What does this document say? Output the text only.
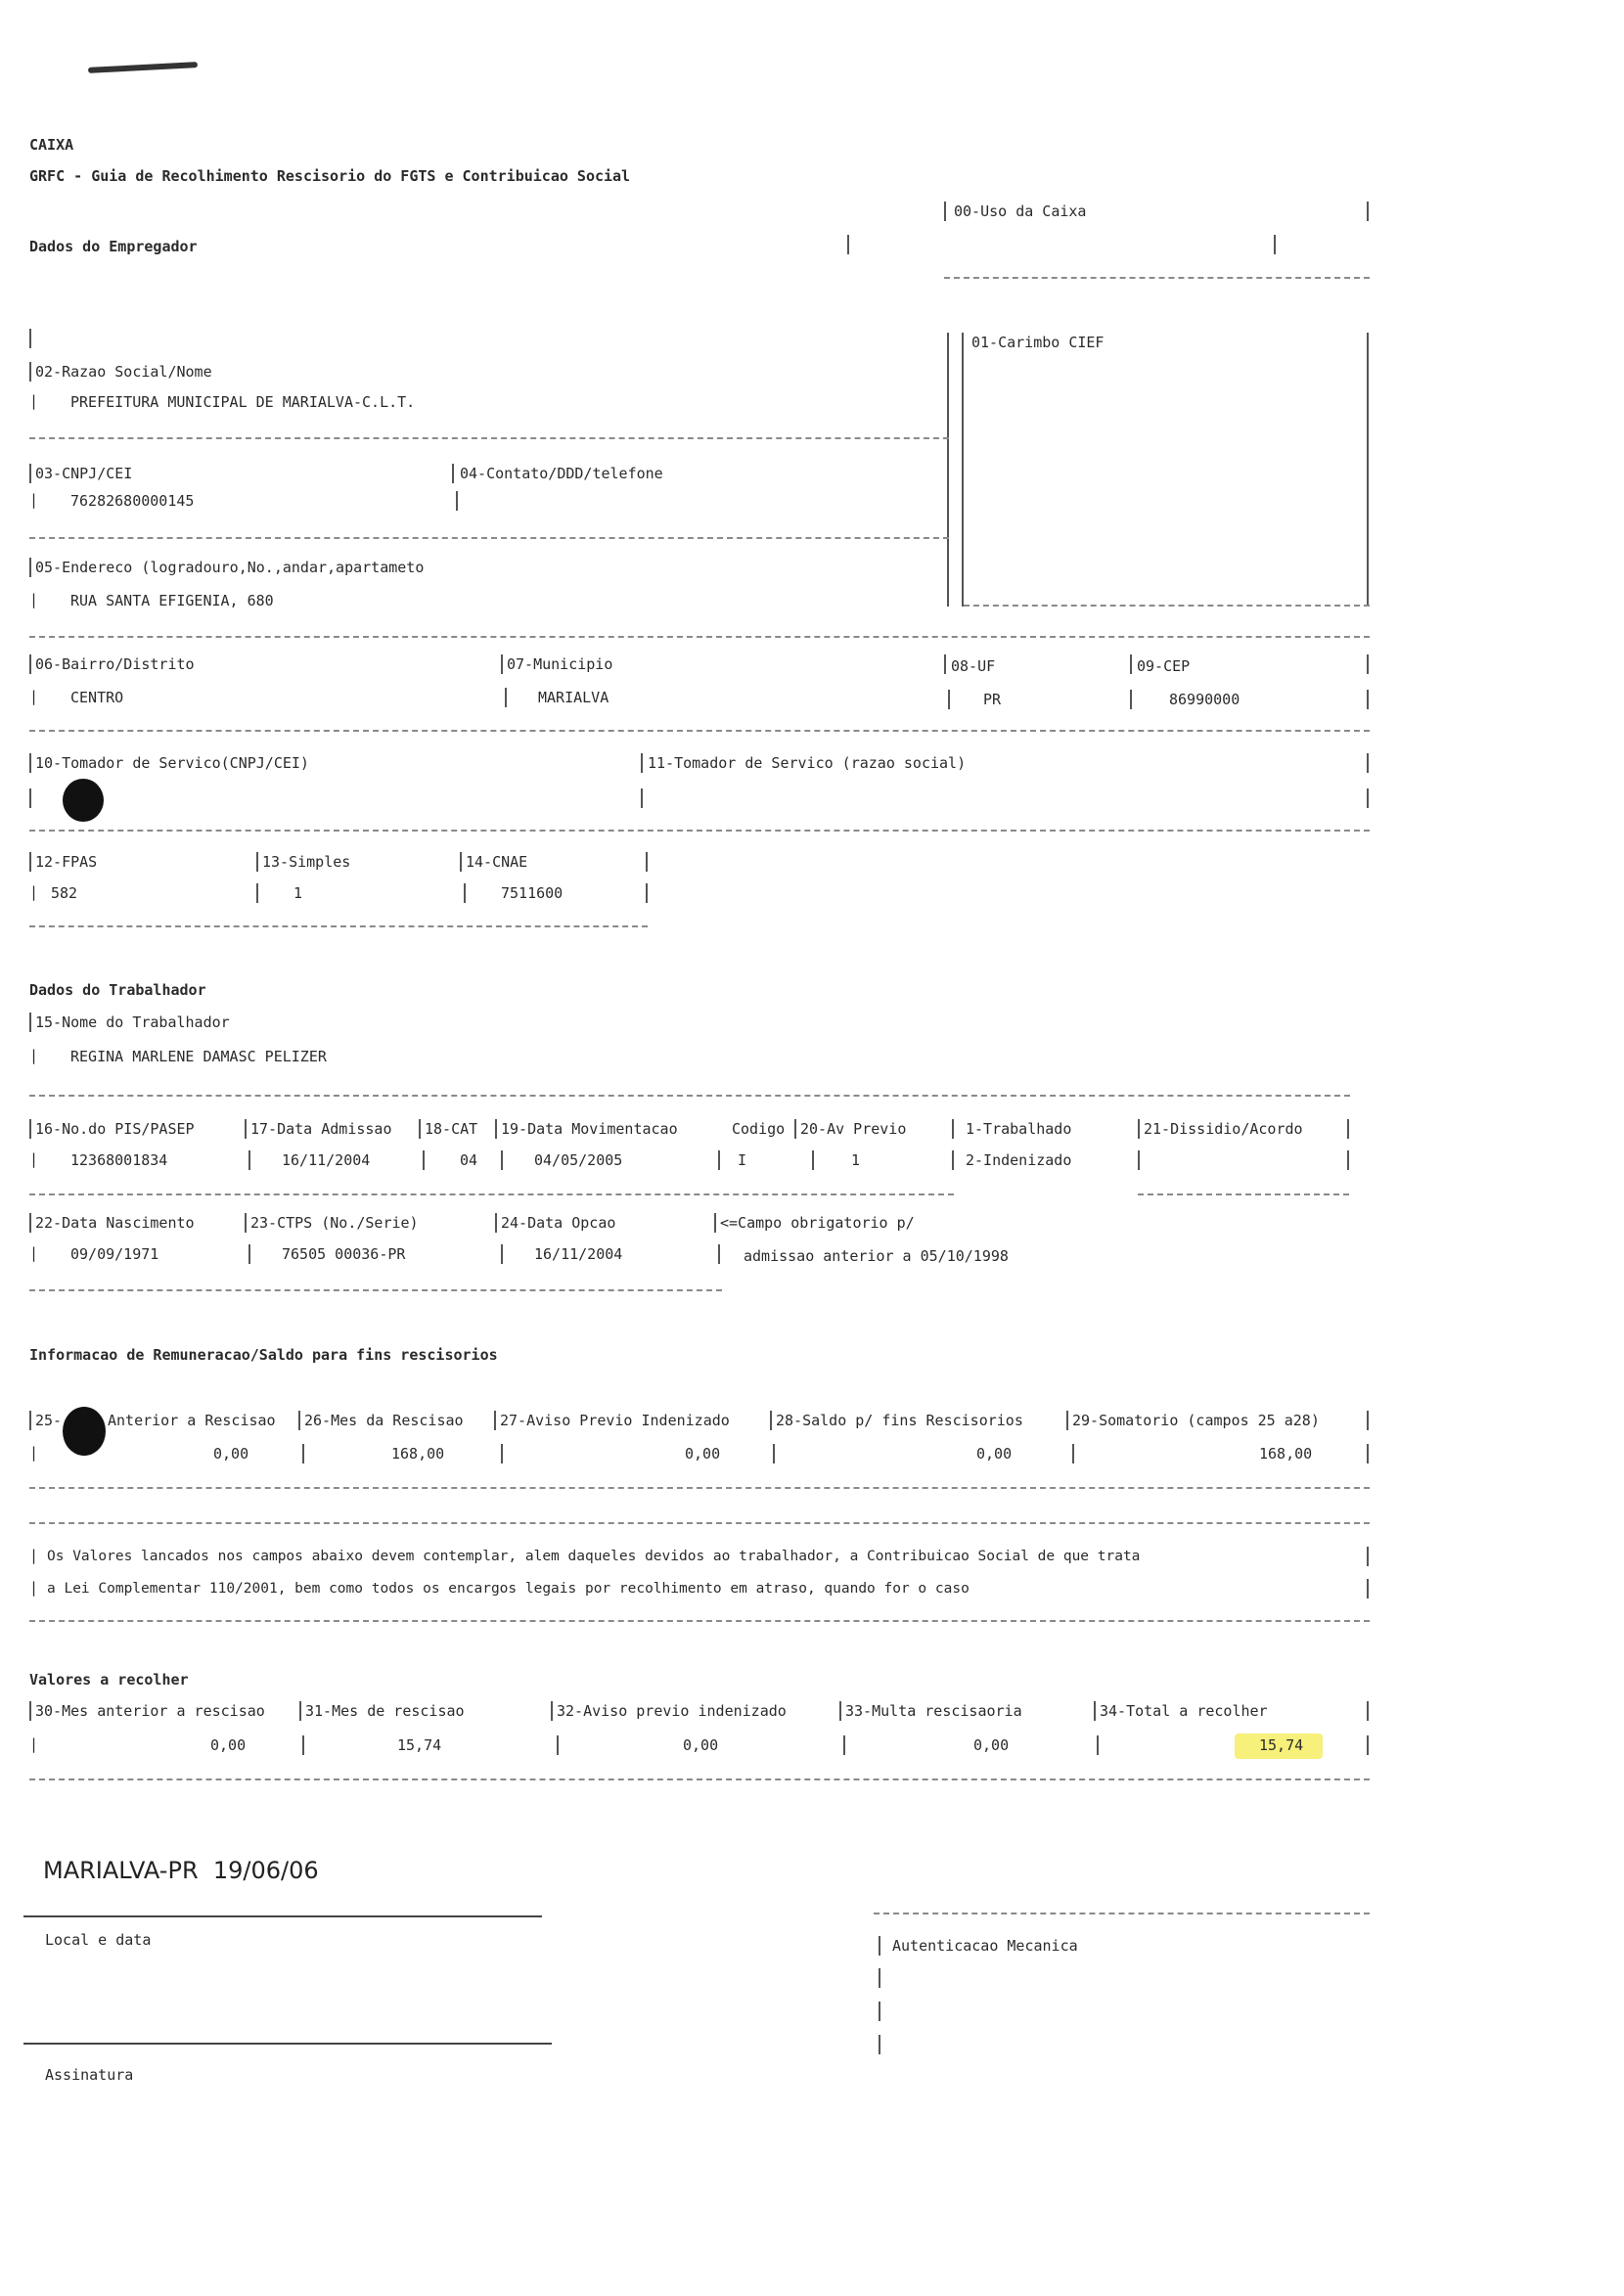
CAIXA
GRFC - Guia de Recolhimento Rescisorio do FGTS e Contribuicao Social
Dados do Empregador
00-Uso da Caixa
01-Carimbo CIEF
02-Razao Social/Nome
| PREFEITURA MUNICIPAL DE MARIALVA-C.L.T.
03-CNPJ/CEI	04-Contato/DDD/telefone
| 76282680000145
05-Endereco (logradouro,No.,andar,apartameto
| RUA SANTA EFIGENIA, 680
06-Bairro/Distrito	07-Municipio	08-UF	09-CEP
| CENTRO	MARIALVA	PR	86990000
10-Tomador de Servico(CNPJ/CEI)	11-Tomador de Servico (razao social)
12-FPAS	13-Simples	14-CNAE
| 582	1	7511600
Dados do Trabalhador
15-Nome do Trabalhador
| REGINA MARLENE DAMASC PELIZER
16-No.do PIS/PASEP	17-Data Admissao 18-CAT 19-Data Movimentacao	Codigo 20-Av Previo	1-Trabalhado	21-Dissidio/Acordo
| 12368001834	16/11/2004	04	04/05/2005	I	1	2-Indenizado
22-Data Nascimento	23-CTPS (No./Serie)	24-Data Opcao	<=Campo obrigatorio p/
| 09/09/1971	76505 00036-PR	16/11/2004	admissao anterior a 05/10/1998
Informacao de Remuneracao/Saldo para fins rescisorios
25-	Anterior a Rescisao 26-Mes da Rescisao 27-Aviso Previo Indenizado	28-Saldo p/ fins Rescisorios	29-Somatorio (campos 25 a28)
|	0,00	168,00	0,00	0,00	168,00
| Os Valores lancados nos campos abaixo devem contemplar, alem daqueles devidos ao trabalhador, a Contribuicao Social de que trata
| a Lei Complementar 110/2001, bem como todos os encargos legais por recolhimento em atraso, quando for o caso
Valores a recolher
30-Mes anterior a rescisao	31-Mes de rescisao	32-Aviso previo indenizado	33-Multa rescisaoria	34-Total a recolher
|	0,00	15,74	0,00	0,00	15,74
MARIALVA-PR  19/06/06
Local e data
Assinatura
Autenticacao Mecanica
